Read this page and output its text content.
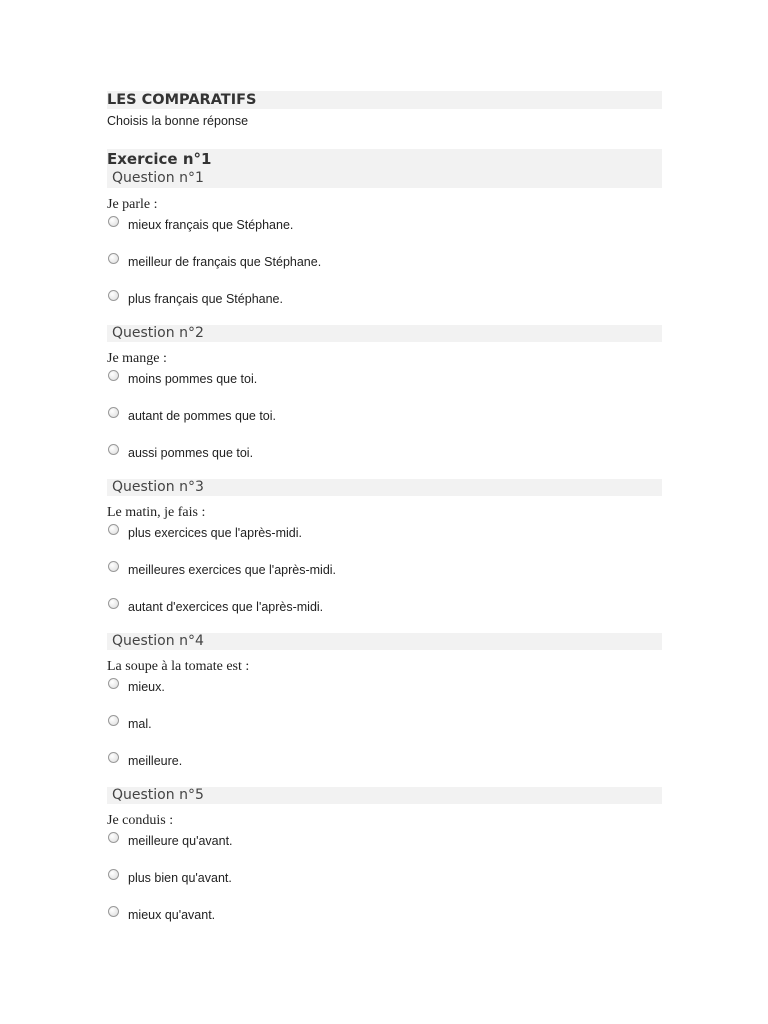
LES COMPARATIFS
Choisis la bonne réponse
Exercice n°1
Question n°1
Je parle :
mieux français que Stéphane.
meilleur de français que Stéphane.
plus français que Stéphane.
Question n°2
Je mange :
moins pommes que toi.
autant de pommes que toi.
aussi pommes que toi.
Question n°3
Le matin, je fais :
plus exercices que l'après-midi.
meilleures exercices que l'après-midi.
autant d'exercices que l'après-midi.
Question n°4
La soupe à la tomate est :
mieux.
mal.
meilleure.
Question n°5
Je conduis :
meilleure qu'avant.
plus bien qu'avant.
mieux qu'avant.
